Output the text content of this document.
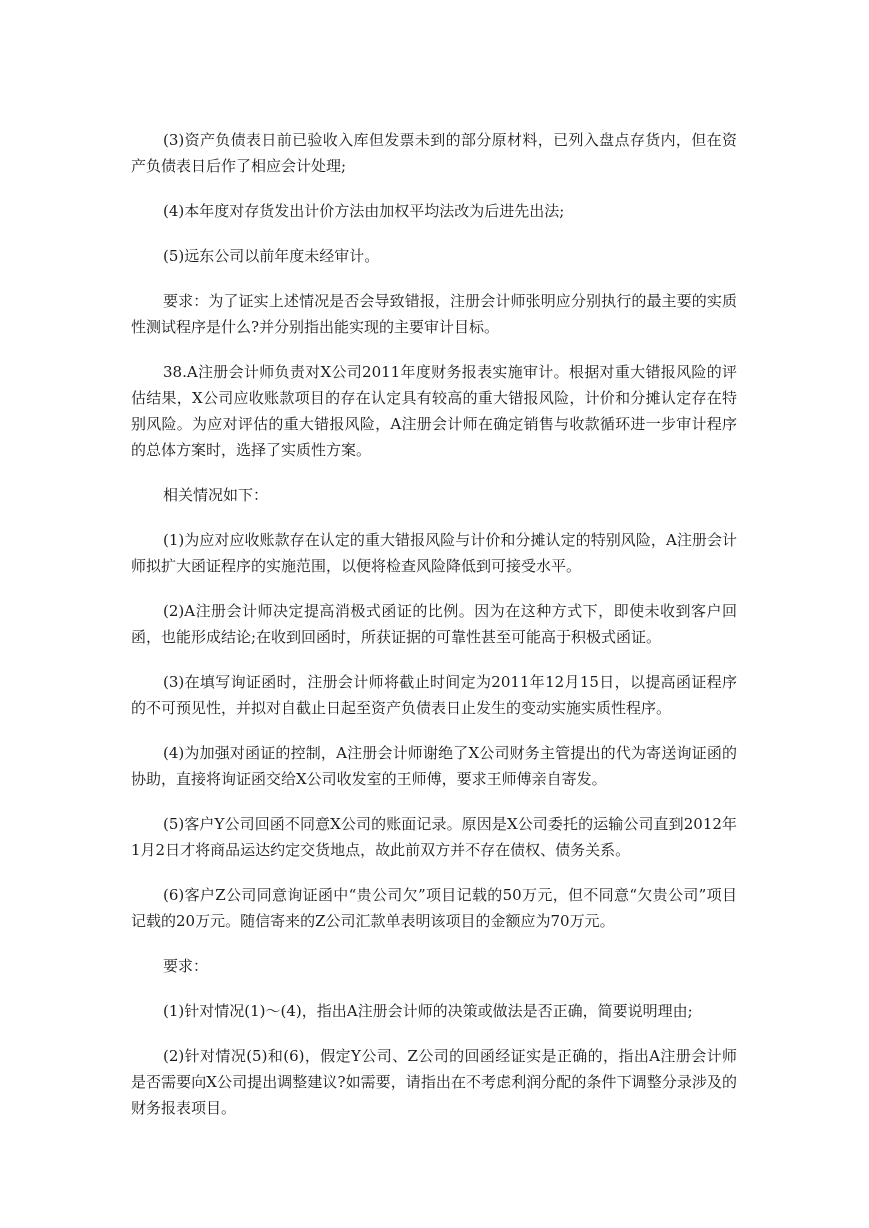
(3)资产负债表日前已验收入库但发票未到的部分原材料，已列入盘点存货内，但在资产负债表日后作了相应会计处理;

(4)本年度对存货发出计价方法由加权平均法改为后进先出法;

(5)远东公司以前年度未经审计。

要求：为了证实上述情况是否会导致错报，注册会计师张明应分别执行的最主要的实质性测试程序是什么?并分别指出能实现的主要审计目标。

38.A注册会计师负责对X公司2011年度财务报表实施审计。根据对重大错报风险的评估结果，X公司应收账款项目的存在认定具有较高的重大错报风险，计价和分摊认定存在特别风险。为应对评估的重大错报风险，A注册会计师在确定销售与收款循环进一步审计程序的总体方案时，选择了实质性方案。

相关情况如下：

(1)为应对应收账款存在认定的重大错报风险与计价和分摊认定的特别风险，A注册会计师拟扩大函证程序的实施范围，以便将检查风险降低到可接受水平。

(2)A注册会计师决定提高消极式函证的比例。因为在这种方式下，即使未收到客户回函，也能形成结论;在收到回函时，所获证据的可靠性甚至可能高于积极式函证。

(3)在填写询证函时，注册会计师将截止时间定为2011年12月15日，以提高函证程序的不可预见性，并拟对自截止日起至资产负债表日止发生的变动实施实质性程序。

(4)为加强对函证的控制，A注册会计师谢绝了X公司财务主管提出的代为寄送询证函的协助，直接将询证函交给X公司收发室的王师傅，要求王师傅亲自寄发。

(5)客户Y公司回函不同意X公司的账面记录。原因是X公司委托的运输公司直到2012年1月2日才将商品运达约定交货地点，故此前双方并不存在债权、债务关系。

(6)客户Z公司同意询证函中“贵公司欠”项目记载的50万元，但不同意“欠贵公司”项目记载的20万元。随信寄来的Z公司汇款单表明该项目的金额应为70万元。

要求：

(1)针对情况(1)～(4)，指出A注册会计师的决策或做法是否正确，简要说明理由;

(2)针对情况(5)和(6)，假定Y公司、Z公司的回函经证实是正确的，指出A注册会计师是否需要向X公司提出调整建议?如需要，请指出在不考虑利润分配的条件下调整分录涉及的财务报表项目。
